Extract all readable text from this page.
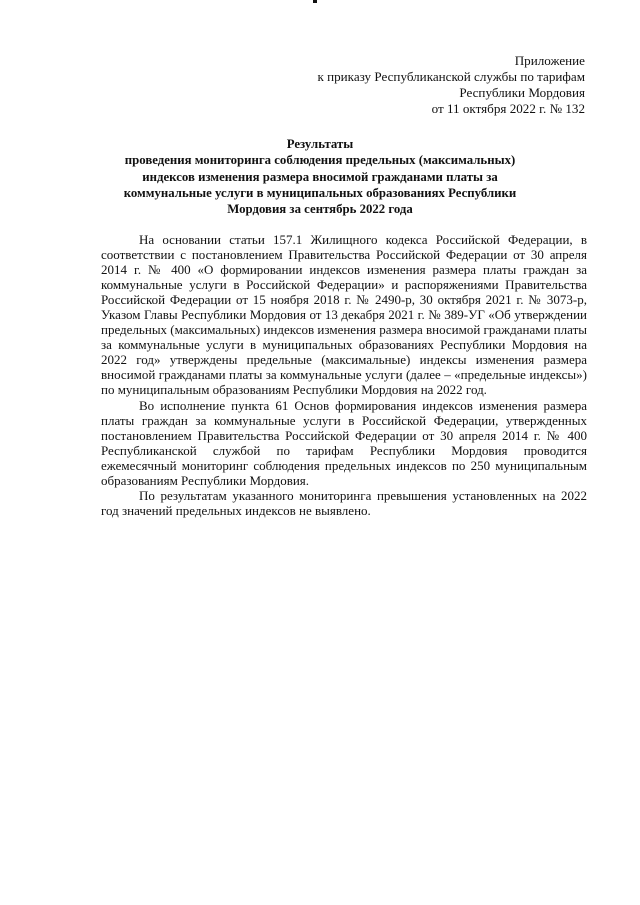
Приложение
к приказу Республиканской службы по тарифам
Республики Мордовия
от 11 октября 2022 г. № 132
Результаты
проведения мониторинга соблюдения предельных (максимальных)
индексов изменения размера вносимой гражданами платы за
коммунальные услуги в муниципальных образованиях Республики
Мордовия за сентябрь 2022 года

На основании статьи 157.1 Жилищного кодекса Российской Федерации, в соответствии с постановлением Правительства Российской Федерации от 30 апреля 2014 г. № 400 «О формировании индексов изменения размера платы граждан за коммунальные услуги в Российской Федерации» и распоряжениями Правительства Российской Федерации от 15 ноября 2018 г. № 2490-р, 30 октября 2021 г. № 3073-р, Указом Главы Республики Мордовия от 13 декабря 2021 г. № 389-УГ «Об утверждении предельных (максимальных) индексов изменения размера вносимой гражданами платы за коммунальные услуги в муниципальных образованиях Республики Мордовия на 2022 год» утверждены предельные (максимальные) индексы изменения размера вносимой гражданами платы за коммунальные услуги (далее – «предельные индексы») по муниципальным образованиям Республики Мордовия на 2022 год.

Во исполнение пункта 61 Основ формирования индексов изменения размера платы граждан за коммунальные услуги в Российской Федерации, утвержденных постановлением Правительства Российской Федерации от 30 апреля 2014 г. № 400 Республиканской службой по тарифам Республики Мордовия проводится ежемесячный мониторинг соблюдения предельных индексов по 250 муниципальным образованиям Республики Мордовия.

По результатам указанного мониторинга превышения установленных на 2022 год значений предельных индексов не выявлено.
